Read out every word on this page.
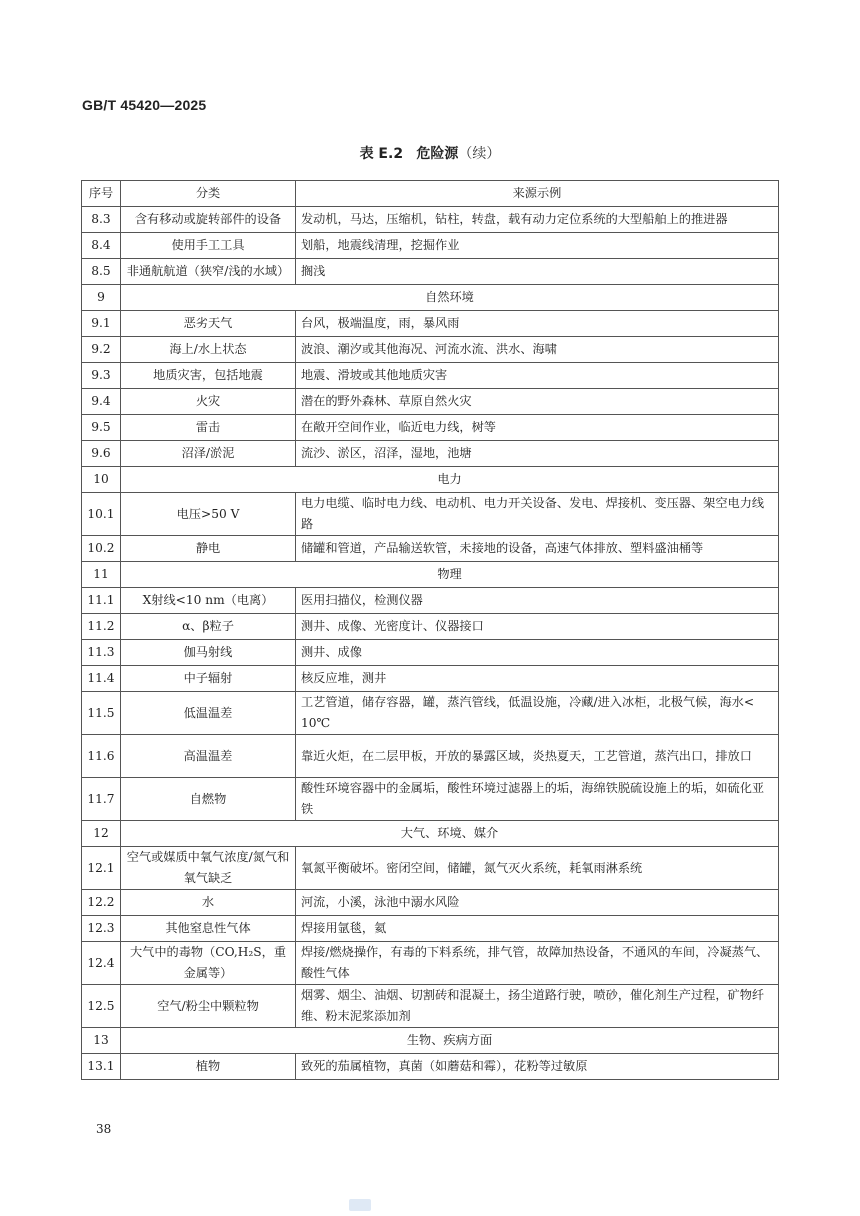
GB/T 45420—2025
表 E.2 危险源（续）
序号	分类	来源示例
8.3	含有移动或旋转部件的设备	发动机，马达，压缩机，钻柱，转盘，载有动力定位系统的大型船舶上的推进器
8.4	使用手工工具	划船，地震线清理，挖掘作业
8.5	非通航航道（狭窄/浅的水域）	搁浅
9	自然环境	
9.1	恶劣天气	台风，极端温度，雨，暴风雨
9.2	海上/水上状态	波浪、潮汐或其他海况、河流水流、洪水、海啸
9.3	地质灾害，包括地震	地震、滑坡或其他地质灾害
9.4	火灾	潜在的野外森林、草原自然火灾
9.5	雷击	在敞开空间作业，临近电力线，树等
9.6	沼泽/淤泥	流沙、淤区，沼泽，湿地，池塘
10	电力	
10.1	电压>50 V	电力电缆、临时电力线、电动机、电力开关设备、发电、焊接机、变压器、架空电力线路
10.2	静电	储罐和管道，产品输送软管，未接地的设备，高速气体排放、塑料盛油桶等
11	物理	
11.1	X射线<10 nm（电离）	医用扫描仪，检测仪器
11.2	α、β粒子	测井、成像、光密度计、仪器接口
11.3	伽马射线	测井、成像
11.4	中子辐射	核反应堆，测井
11.5	低温温差	工艺管道，储存容器，罐，蒸汽管线，低温设施，冷藏/进入冰柜，北极气候，海水< 10℃
11.6	高温温差	靠近火炬，在二层甲板，开放的暴露区域，炎热夏天，工艺管道，蒸汽出口，排放口
11.7	自燃物	酸性环境容器中的金属垢，酸性环境过滤器上的垢，海绵铁脱硫设施上的垢，如硫化亚铁
12	大气、环境、媒介	
12.1	空气或媒质中氧气浓度/氮气和氧气缺乏	氧氮平衡破坏。密闭空间，储罐，氮气灭火系统，耗氧雨淋系统
12.2	水	河流，小溪，泳池中溺水风险
12.3	其他窒息性气体	焊接用氩毯，氦
12.4	大气中的毒物（CO,H₂S，重金属等）	焊接/燃烧操作，有毒的下料系统，排气管，故障加热设备，不通风的车间，冷凝蒸气、酸性气体
12.5	空气/粉尘中颗粒物	烟雾、烟尘、油烟、切割砖和混凝土，扬尘道路行驶，喷砂，催化剂生产过程，矿物纤维、粉末泥浆添加剂
13	生物、疾病方面	
13.1	植物	致死的茄属植物，真菌（如蘑菇和霉），花粉等过敏原
38
